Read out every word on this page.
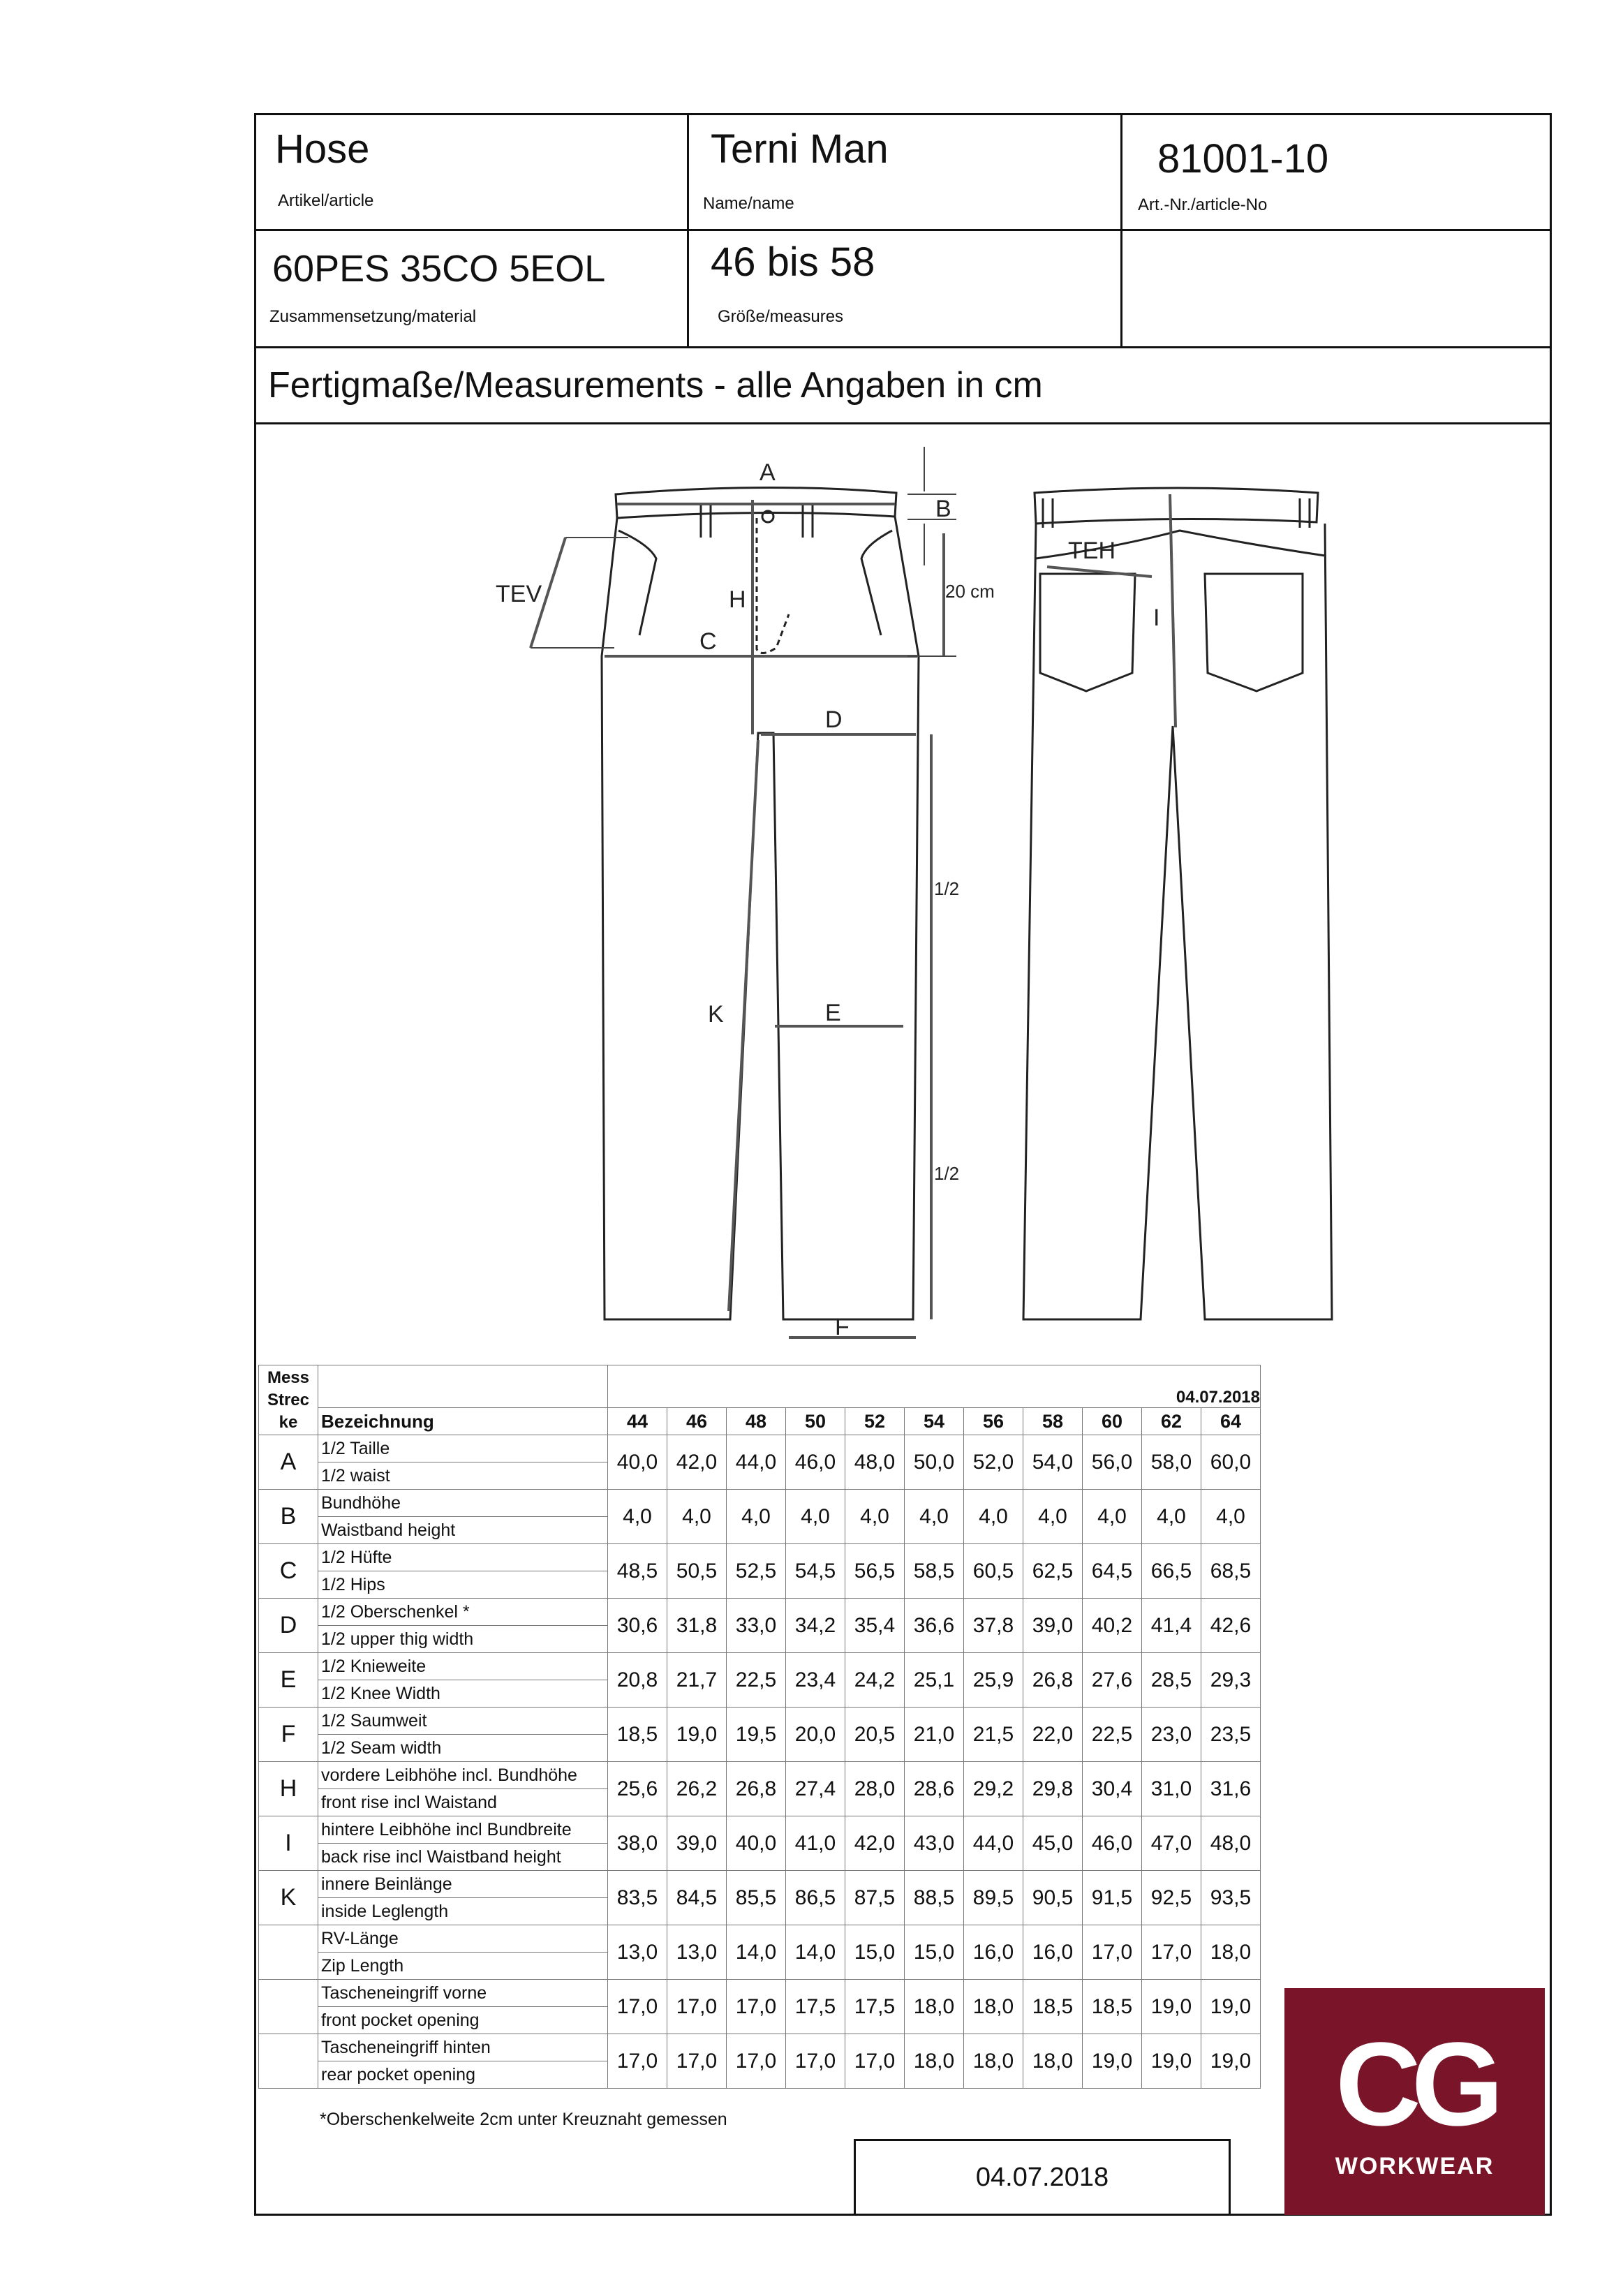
Hose
Artikel/article
Terni Man
Name/name
81001-10
Art.-Nr./article-No
60PES 35CO 5EOL
Zusammensetzung/material
46 bis 58
Größe/measures
Fertigmaße/Measurements - alle Angaben in cm
A
B
C
D
E
F
H
I
K
TEV
TEH
20 cm
1/2
1/2
Mess
Strec
ke		04.07.2018										
	Bezeichnung	44	46	48	50	52	54	56	58	60	62	64
A	1/2 Taille	40,0	42,0	44,0	46,0	48,0	50,0	52,0	54,0	56,0	58,0	60,0
	1/2 waist											
B	Bundhöhe	4,0	4,0	4,0	4,0	4,0	4,0	4,0	4,0	4,0	4,0	4,0
	Waistband height											
C	1/2 Hüfte	48,5	50,5	52,5	54,5	56,5	58,5	60,5	62,5	64,5	66,5	68,5
	1/2 Hips											
D	1/2 Oberschenkel *	30,6	31,8	33,0	34,2	35,4	36,6	37,8	39,0	40,2	41,4	42,6
	1/2 upper thig width											
E	1/2 Knieweite	20,8	21,7	22,5	23,4	24,2	25,1	25,9	26,8	27,6	28,5	29,3
	1/2 Knee Width											
F	1/2 Saumweit	18,5	19,0	19,5	20,0	20,5	21,0	21,5	22,0	22,5	23,0	23,5
	1/2 Seam width											
H	vordere Leibhöhe incl. Bundhöhe	25,6	26,2	26,8	27,4	28,0	28,6	29,2	29,8	30,4	31,0	31,6
	front rise incl Waistand											
I	hintere Leibhöhe incl Bundbreite	38,0	39,0	40,0	41,0	42,0	43,0	44,0	45,0	46,0	47,0	48,0
	back rise incl Waistband height											
K	innere Beinlänge	83,5	84,5	85,5	86,5	87,5	88,5	89,5	90,5	91,5	92,5	93,5
	inside Leglength											
	RV-Länge	13,0	13,0	14,0	14,0	15,0	15,0	16,0	16,0	17,0	17,0	18,0
	Zip Length											
	Tascheneingriff vorne	17,0	17,0	17,0	17,5	17,5	18,0	18,0	18,5	18,5	19,0	19,0
	front pocket opening											
	Tascheneingriff hinten	17,0	17,0	17,0	17,0	17,0	18,0	18,0	18,0	19,0	19,0	19,0
	rear pocket opening											
*Oberschenkelweite 2cm unter Kreuznaht gemessen
04.07.2018
CG
WORKWEAR
